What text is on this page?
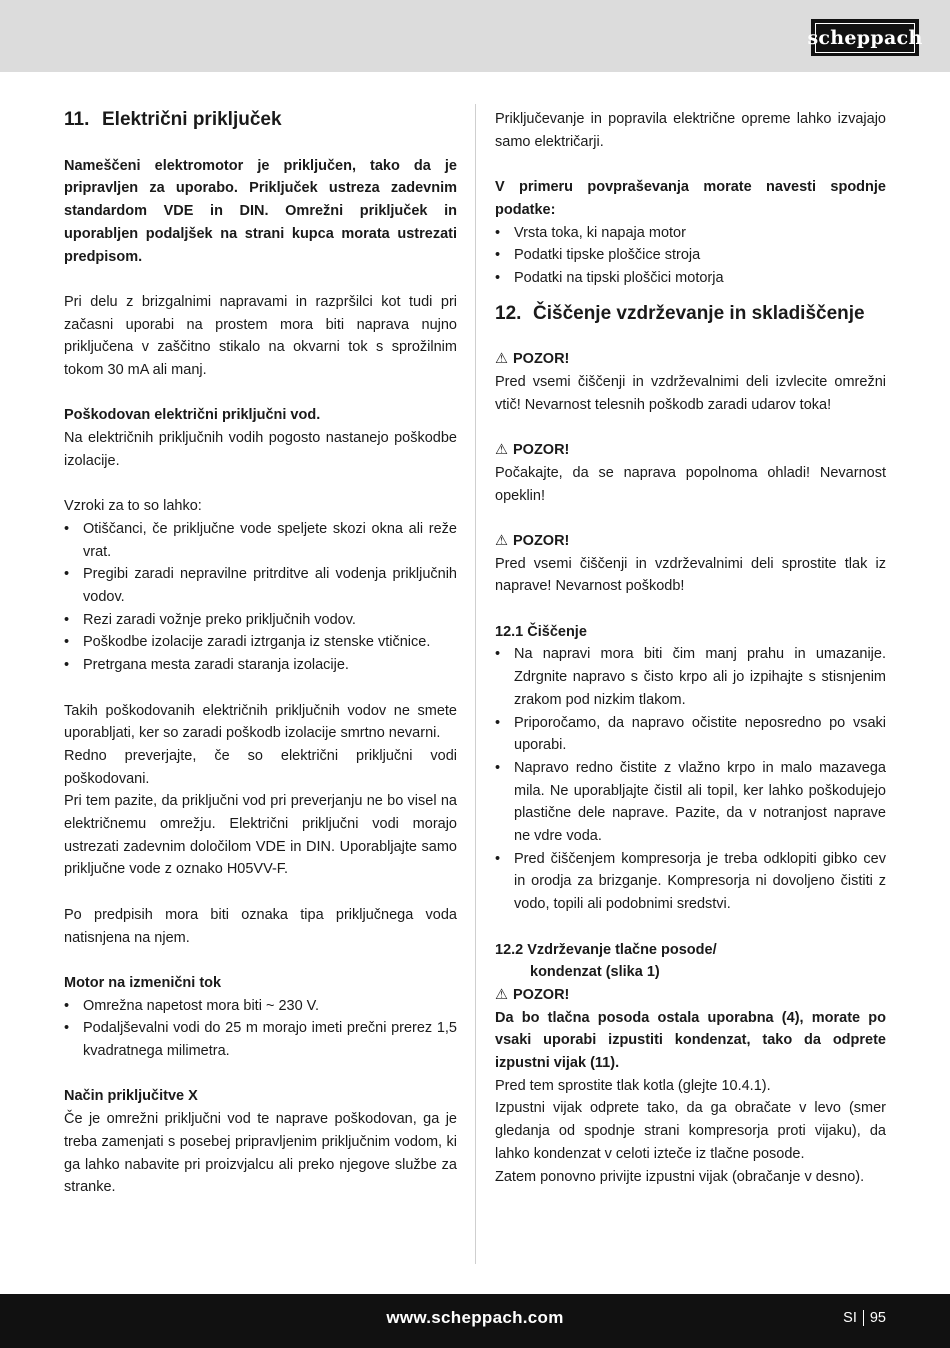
scheppach

11. Električni priključek

Nameščeni elektromotor je priključen, tako da je pripravljen za uporabo. Priključek ustreza zadevnim standardom VDE in DIN. Omrežni priključek in uporabljen podaljšek na strani kupca morata ustrezati predpisom.

Pri delu z brizgalnimi napravami in razpršilci kot tudi pri začasni uporabi na prostem mora biti naprava nujno priključena v zaščitno stikalo na okvarni tok s sprožilnim tokom 30 mA ali manj.

Poškodovan električni priključni vod.

Na električnih priključnih vodih pogosto nastanejo poškodbe izolacije.

Vzroki za to so lahko:

• Otiščanci, če priključne vode speljete skozi okna ali reže vrat.
• Pregibi zaradi nepravilne pritrditve ali vodenja priključnih vodov.
• Rezi zaradi vožnje preko priključnih vodov.
• Poškodbe izolacije zaradi iztrganja iz stenske vtičnice.
• Pretrgana mesta zaradi staranja izolacije.

Takih poškodovanih električnih priključnih vodov ne smete uporabljati, ker so zaradi poškodb izolacije smrtno nevarni.

Redno preverjajte, če so električni priključni vodi poškodovani.

Pri tem pazite, da priključni vod pri preverjanju ne bo visel na električnemu omrežju. Električni priključni vodi morajo ustrezati zadevnim določilom VDE in DIN. Uporabljajte samo priključne vode z oznako H05VV-F.

Po predpisih mora biti oznaka tipa priključnega voda natisnjena na njem.

Motor na izmenični tok

• Omrežna napetost mora biti ~ 230 V.
• Podaljševalni vodi do 25 m morajo imeti prečni prerez 1,5 kvadratnega milimetra.

Način priključitve X

Če je omrežni priključni vod te naprave poškodovan, ga je treba zamenjati s posebej pripravljenim priključnim vodom, ki ga lahko nabavite pri proizvjalcu ali preko njegove službe za stranke.

Priključevanje in popravila električne opreme lahko izvajajo samo električarji.

V primeru povpraševanja morate navesti spodnje podatke:

• Vrsta toka, ki napaja motor
• Podatki tipske ploščice stroja
• Podatki na tipski ploščici motorja

12. Čiščenje vzdrževanje in skladiščenje

⚠ POZOR!

Pred vsemi čiščenji in vzdrževalnimi deli izvlecite omrežni vtič! Nevarnost telesnih poškodb zaradi udarov toka!

⚠ POZOR!

Počakajte, da se naprava popolnoma ohladi! Nevarnost opeklin!

⚠ POZOR!

Pred vsemi čiščenji in vzdrževalnimi deli sprostite tlak iz naprave! Nevarnost poškodb!

12.1 Čiščenje

• Na napravi mora biti čim manj prahu in umazanije. Zdrgnite napravo s čisto krpo ali jo izpihajte s stisnjenim zrakom pod nizkim tlakom.
• Priporočamo, da napravo očistite neposredno po vsaki uporabi.
• Napravo redno čistite z vlažno krpo in malo mazavega mila. Ne uporabljajte čistil ali topil, ker lahko poškodujejo plastične dele naprave. Pazite, da v notranjost naprave ne vdre voda.
• Pred čiščenjem kompresorja je treba odklopiti gibko cev in orodja za brizganje. Kompresorja ni dovoljeno čistiti z vodo, topili ali podobnimi sredstvi.

12.2 Vzdrževanje tlačne posode/

kondenzat (slika 1)

⚠ POZOR!

Da bo tlačna posoda ostala uporabna (4), morate po vsaki uporabi izpustiti kondenzat, tako da odprete izpustni vijak (11).

Pred tem sprostite tlak kotla (glejte 10.4.1).

Izpustni vijak odprete tako, da ga obračate v levo (smer gledanja od spodnje strani kompresorja proti vijaku), da lahko kondenzat v celoti izteče iz tlačne posode.

Zatem ponovno privijte izpustni vijak (obračanje v desno).

www.scheppach.com	SI 95
